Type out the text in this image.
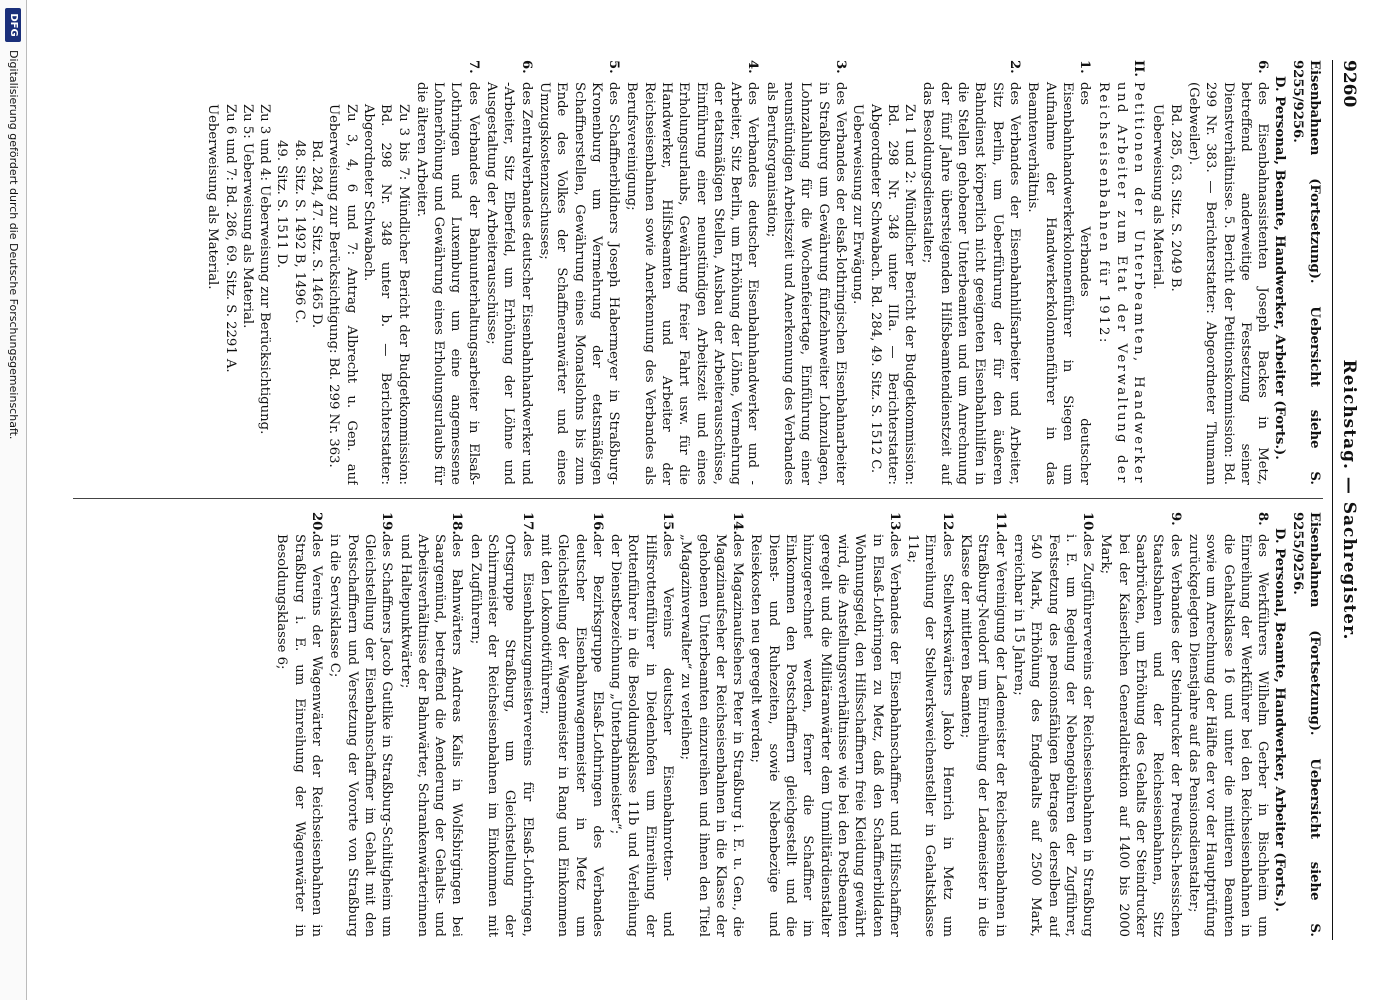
9260
Reichstag. — Sachregister.
Eisenbahnen (Fortsetzung). Uebersicht siehe S. 9255/9256.

D. Personal, Beamte, Handwerker, Arbeiter (Forts.).
6.
des Eisenbahnassistenten Joseph Backes in Metz, betreffend anderweitige Festsetzung seiner Dienstverhältnisse. 5. Bericht der Petitionskommission: Bd. 299 Nr. 383. — Berichterstatter: Abgeordneter Thumann (Gebweiler).
Bd. 285, 63. Sitz. S. 2049 B.
Ueberweisung als Material.
II.
Petitionen der Unterbeamten, Handwerker und Arbeiter zum Etat der Verwaltung der Reichseisenbahnen für 1912:
1.
des Verbandes deutscher Eisenbahnhandwerkerkolonnenführer in Siegen um Aufnahme der Handwerkerkolonnenführer in das Beamtenverhältnis.
2.
des Verbandes der Eisenbahnhilfsarbeiter und Arbeiter, Sitz Berlin, um Ueberführung der für den äußeren Bahndienst körperlich nicht geeigneten Eisenbahnhilfen in die Stellen gehobener Unterbeamten und um Anrechnung der fünf Jahre übersteigenden Hilfsbeamtendienstzeit auf das Besoldungsdienstalter;
Zu 1 und 2: Mündlicher Bericht der Budgetkommission: Bd. 298 Nr. 348 unter IIIa. — Berichterstatter: Abgeordneter Schwabach. Bd. 284, 49. Sitz. S. 1512 C.
Ueberweisung zur Erwägung.
3.
des Verbandes der elsaß-lothringischen Eisenbahnarbeiter in Straßburg um Gewährung fünfzehnweiter Lohnzulagen, Lohnzahlung für die Wochenfeiertage, Einführung einer neunstündigen Arbeitszeit und Anerkennung des Verbandes als Berufsorganisation;
4.
des Verbandes deutscher Eisenbahnhandwerker und -Arbeiter, Sitz Berlin, um Erhöhung der Löhne, Vermehrung der etatsmäßigen Stellen, Ausbau der Arbeiterausschüsse, Einführung einer neunstündigen Arbeitszeit und eines Erholungsurlaubs, Gewährung freier Fahrt usw. für die Handwerker, Hilfsbeamten und Arbeiter der Reichseisenbahnen sowie Anerkennung des Verbandes als Berufsvereinigung;
5.
des Schaffnerbildners Joseph Habermeyer in Straßburg-Kronenburg um Vermehrung der etatsmäßigen Schaffnerstellen, Gewährung eines Monatslohns bis zum Ende des Volkes der Schaffneranwärter und eines Umzugskostenzuschusses;
6.
des Zentralverbandes deutscher Eisenbahnhandwerker und -Arbeiter, Sitz Elberfeld, um Erhöhung der Löhne und Ausgestaltung der Arbeiterausschüsse;
7.
des Verbandes der Bahnunterhaltungsarbeiter in Elsaß-Lothringen und Luxemburg um eine angemessene Lohnerhöhung und Gewährung eines Erholungsurlaubs für die älteren Arbeiter.
Zu 3 bis 7: Mündlicher Bericht der Budgetkommission: Bd. 298 Nr. 348 unter b. — Berichterstatter: Abgeordneter Schwabach.
Zu 3, 4, 6 und 7: Antrag Albrecht u. Gen. auf Ueberweisung zur Berücksichtigung: Bd. 299 Nr. 363.
Bd. 284, 47. Sitz. S. 1465 D.
48. Sitz. S. 1492 B, 1496 C.
49. Sitz. S. 1511 D.
Zu 3 und 4: Ueberweisung zur Berücksichtigung.
Zu 5: Ueberweisung als Material.
Zu 6 und 7: Bd. 286, 69. Sitz. S. 2291 A.
Ueberweisung als Material.
Eisenbahnen (Fortsetzung). Uebersicht siehe S. 9255/9256.

D. Personal, Beamte, Handwerker, Arbeiter (Forts.).
8.
des Werkführers Wilhelm Gerber in Bischheim um Einreihung der Werkführer bei den Reichseisenbahnen in die Gehaltsklasse 16 und unter die mittleren Beamten sowie um Anrechnung der Hälfte der vor der Hauptprüfung zurückgelegten Dienstjahre auf das Pensionsdienstalter;
9.
des Verbandes der Steindrucker der Preußisch-hessischen Staatsbahnen und der Reichseisenbahnen, Sitz Saarbrücken, um Erhöhung des Gehalts der Steindrucker bei der Kaiserlichen Generaldirektion auf 1400 bis 2000 Mark;
10.
des Zugführervereins der Reichseisenbahnen in Straßburg i. E. um Regelung der Nebengebühren der Zugführer, Festsetzung des pensionsfähigen Betrages derselben auf 540 Mark, Erhöhung des Endgehalts auf 2500 Mark, erreichbar in 15 Jahren;
11.
der Vereinigung der Lademeister der Reichseisenbahnen in Straßburg-Neudorf um Einreihung der Lademeister in die Klasse der mittleren Beamten;
12.
des Stellwerkswärters Jakob Henrich in Metz um Einreihung der Stellwerksweichensteller in Gehaltsklasse 11a;
13.
des Verbandes der Eisenbahnschaffner und Hilfsschaffner in Elsaß-Lothringen zu Metz, daß den Schaffnerbildaten Wohnungsgeld, den Hilfsschaffnern freie Kleidung gewährt wird, die Anstellungsverhältnisse wie bei den Postbeamten geregelt und die Militäranwärter dem Unmilitärdienstalter hinzugerechnet werden, ferner die Schaffner im Einkommen den Postschaffnern gleichgestellt und die Dienst- und Ruhezeiten, sowie Nebenbezüge und Reisekosten neu geregelt werden;
14.
des Magazinaufsehers Peter in Straßburg i. E. u. Gen., die Magazinaufseher der Reichseisenbahnen in die Klasse der gehobenen Unterbeamten einzureihen und ihnen den Titel „Magazinverwalter“ zu verleihen;
15.
des Vereins deutscher Eisenbahnrotten- und Hilfsrottenführer in Diedenhofen um Einreihung der Rottenführer in die Besoldungsklasse 11b und Verleihung der Dienstbezeichnung „Unterbahnmeister“;
16.
der Bezirksgruppe Elsaß-Lothringen des Verbandes deutscher Eisenbahnwagenmeister in Metz um Gleichstellung der Wagenmeister in Rang und Einkommen mit den Lokomotivführern;
17.
des Eisenbahnzugmeistervereins für Elsaß-Lothringen, Ortsgruppe Straßburg, um Gleichstellung der Schirrmeister der Reichseisenbahnen im Einkommen mit den Zugführern;
18.
des Bahnwärters Andreas Kalis in Wolfsbirgingen bei Saargemünd, betreffend die Aenderung der Gehalts- und Arbeitsverhältnisse der Bahnwärter, Schrankenwärterinnen und Haltepunktwärter;
19.
des Schaffners Jacob Gutlike in Straßburg-Schiltigheim um Gleichstellung der Eisenbahnschaffner im Gehalt mit den Postschaffnern und Versetzung der Vororte von Straßburg in die Servisklasse C;
20.
des Vereins der Wagenwärter der Reichseisenbahnen in Straßburg i. E. um Einreihung der Wagenwärter in Besoldungsklasse 6;
DFG
Digitalisierung gefördert durch die Deutsche Forschungsgemeinschaft.
